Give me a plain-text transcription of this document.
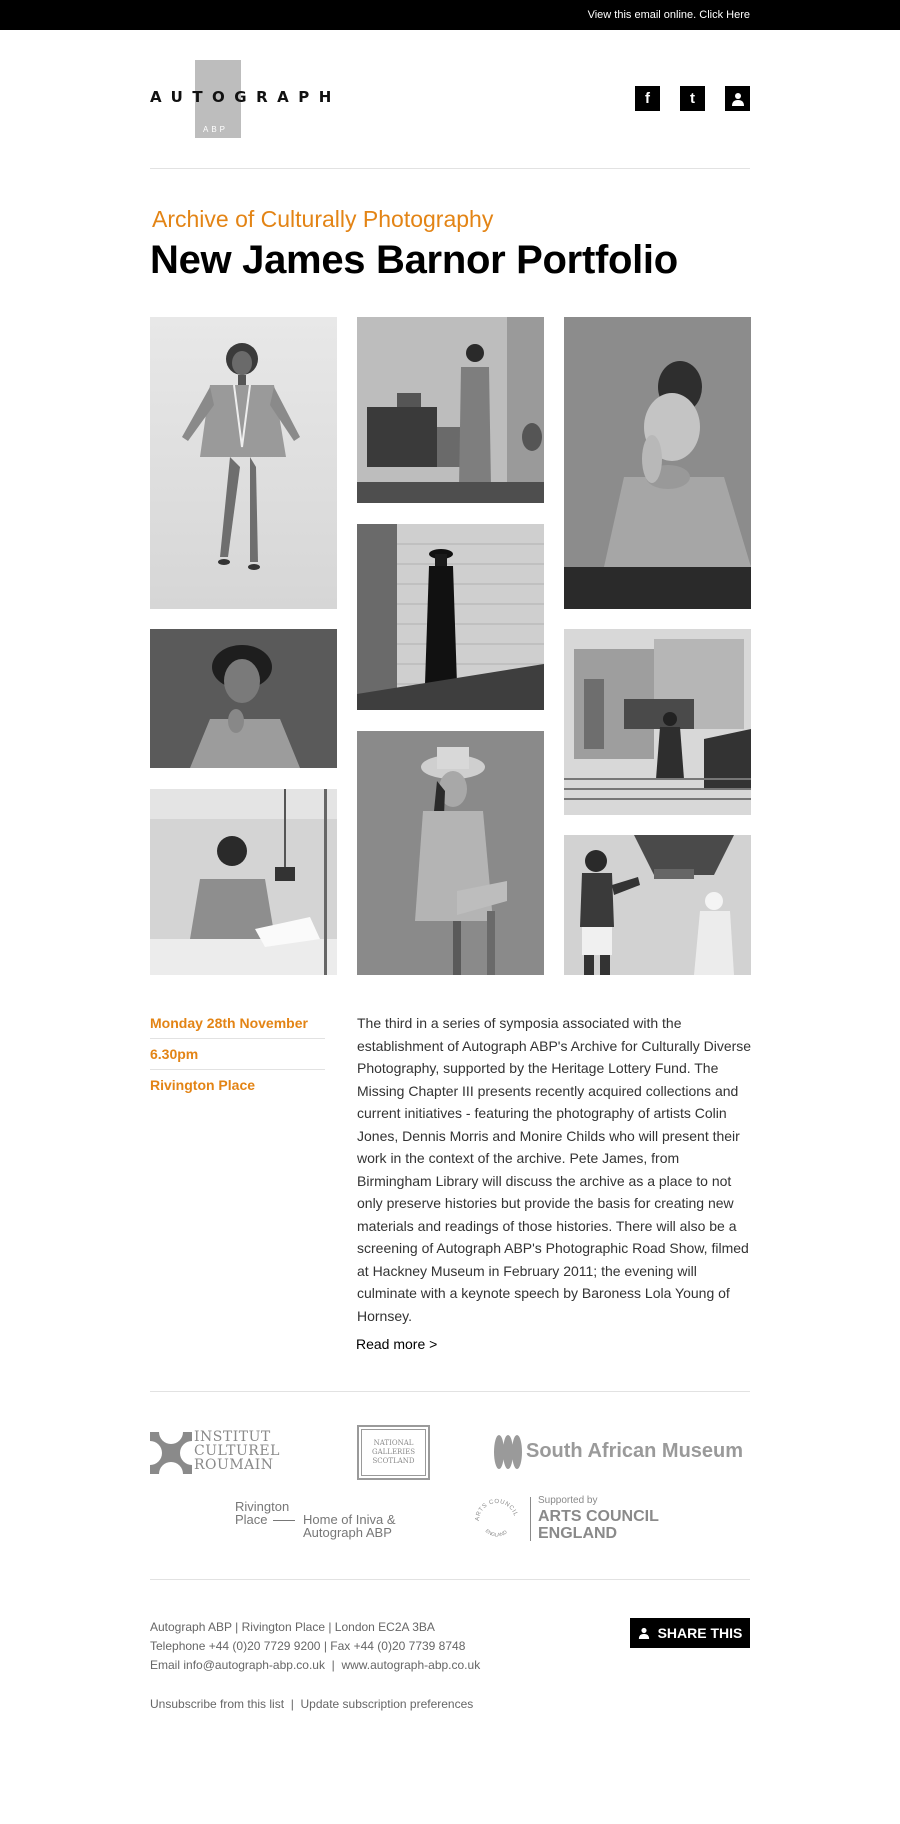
View this email online. Click Here
AUTOGRAPH
ABP
f	t
Archive of Culturally Photography
New James Barnor Portfolio
Monday 28th November
6.30pm
Rivington Place
The third in a series of symposia associated with the establishment of Autograph ABP's Archive for Culturally Diverse Photography, supported by the Heritage Lottery Fund. The Missing Chapter III presents recently acquired collections and current initiatives - featuring the photography of artists Colin Jones, Dennis Morris and Monire Childs who will present their work in the context of the archive. Pete James, from Birmingham Library will discuss the archive as a place to not only preserve histories but provide the basis for creating new materials and readings of those histories. There will also be a screening of Autograph ABP's Photographic Road Show, filmed at Hackney Museum in February 2011; the evening will culminate with a keynote speech by Baroness Lola Young of Hornsey.
Read more >
INSTITUT
CULTUREL
ROUMAIN
NATIONAL
GALLERIES
SCOTLAND	South African Museum
Rivington
Place	Home of Iniva &
Autograph ABP
ARTS COUNCIL
ENGLAND
Supported by
ARTS COUNCIL
ENGLAND
Autograph ABP | Rivington Place | London EC2A 3BA
Telephone +44 (0)20 7729 9200 | Fax +44 (0)20 7739 8748
Email info@autograph-abp.co.uk | www.autograph-abp.co.uk
Unsubscribe from this list | Update subscription preferences
SHARE THIS
